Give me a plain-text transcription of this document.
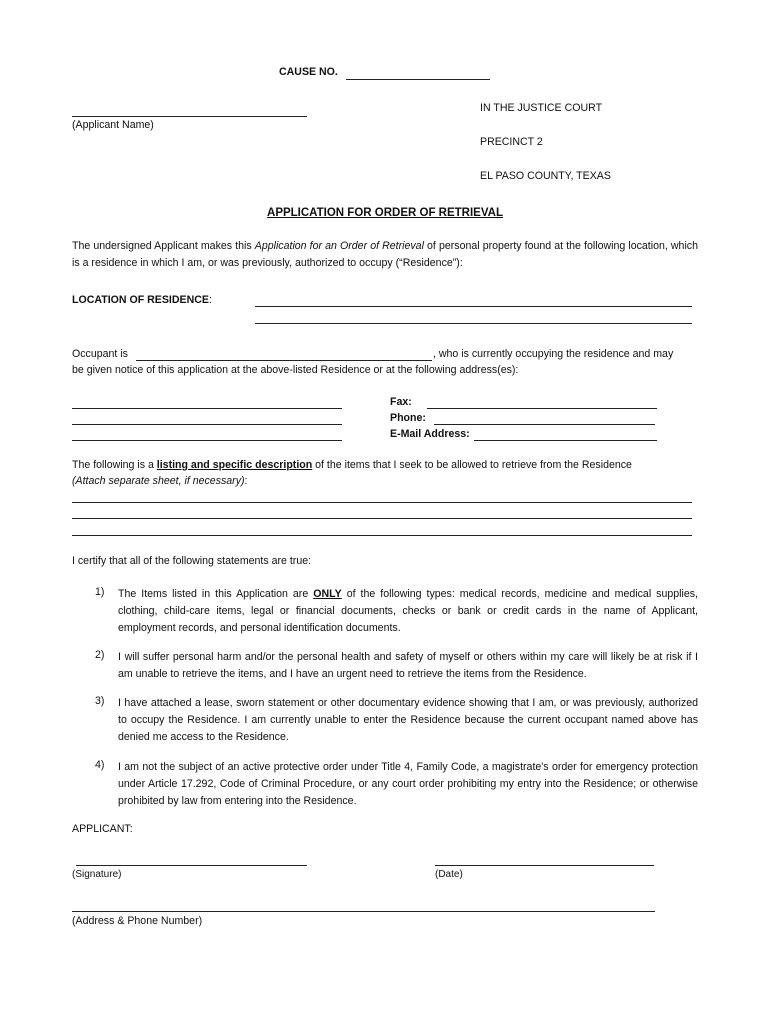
CAUSE NO.
(Applicant Name)
IN THE JUSTICE COURT
PRECINCT 2
EL PASO COUNTY, TEXAS
APPLICATION FOR ORDER OF RETRIEVAL
The undersigned Applicant makes this Application for an Order of Retrieval of personal property found at the following location, which is a residence in which I am, or was previously, authorized to occupy (“Residence”):
LOCATION OF RESIDENCE:
Occupant is	, who is currently occupying the residence and may
be given notice of this application at the above-listed Residence or at the following address(es):
Fax:
Phone:
E-Mail Address:
The following is a listing and specific description of the items that I seek to be allowed to retrieve from the Residence
(Attach separate sheet, if necessary):
I certify that all of the following statements are true:
1) The Items listed in this Application are ONLY of the following types: medical records, medicine and medical supplies, clothing, child-care items, legal or financial documents, checks or bank or credit cards in the name of Applicant, employment records, and personal identification documents.
2) I will suffer personal harm and/or the personal health and safety of myself or others within my care will likely be at risk if I am unable to retrieve the items, and I have an urgent need to retrieve the items from the Residence.
3) I have attached a lease, sworn statement or other documentary evidence showing that I am, or was previously, authorized to occupy the Residence. I am currently unable to enter the Residence because the current occupant named above has denied me access to the Residence.
4) I am not the subject of an active protective order under Title 4, Family Code, a magistrate's order for emergency protection under Article 17.292, Code of Criminal Procedure, or any court order prohibiting my entry into the Residence; or otherwise prohibited by law from entering into the Residence.
APPLICANT:
(Signature)	(Date)
(Address & Phone Number)
